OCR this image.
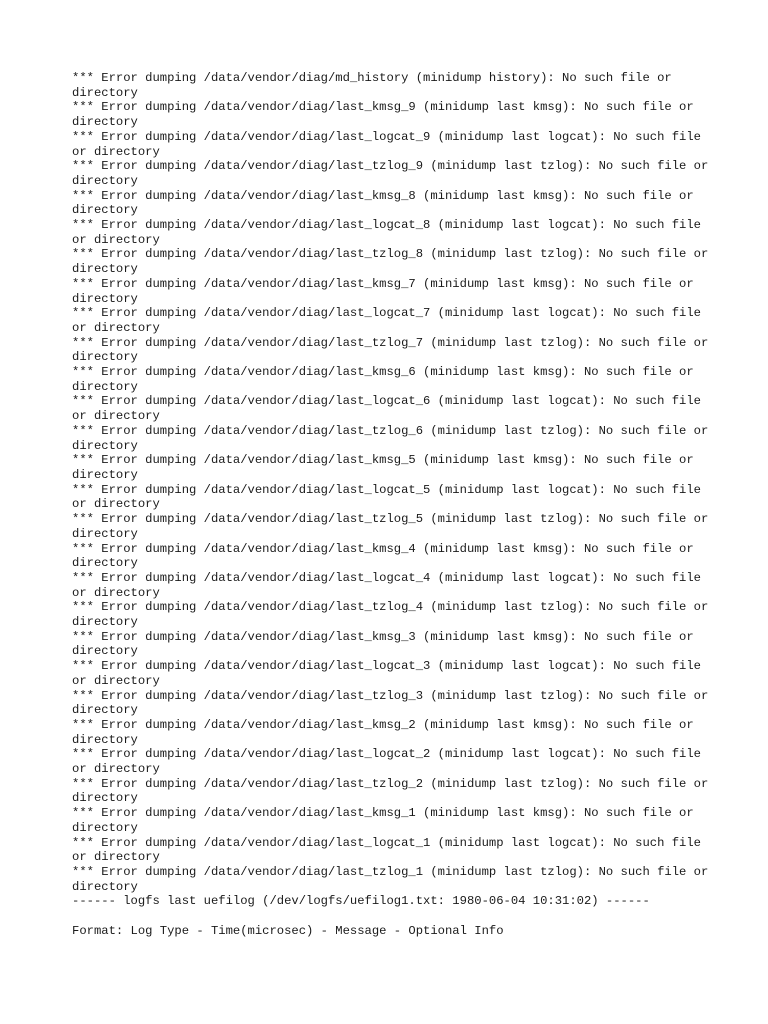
*** Error dumping /data/vendor/diag/md_history (minidump history): No such file or directory
*** Error dumping /data/vendor/diag/last_kmsg_9 (minidump last kmsg): No such file or directory
*** Error dumping /data/vendor/diag/last_logcat_9 (minidump last logcat): No such file or directory
*** Error dumping /data/vendor/diag/last_tzlog_9 (minidump last tzlog): No such file or directory
*** Error dumping /data/vendor/diag/last_kmsg_8 (minidump last kmsg): No such file or directory
*** Error dumping /data/vendor/diag/last_logcat_8 (minidump last logcat): No such file or directory
*** Error dumping /data/vendor/diag/last_tzlog_8 (minidump last tzlog): No such file or directory
*** Error dumping /data/vendor/diag/last_kmsg_7 (minidump last kmsg): No such file or directory
*** Error dumping /data/vendor/diag/last_logcat_7 (minidump last logcat): No such file or directory
*** Error dumping /data/vendor/diag/last_tzlog_7 (minidump last tzlog): No such file or directory
*** Error dumping /data/vendor/diag/last_kmsg_6 (minidump last kmsg): No such file or directory
*** Error dumping /data/vendor/diag/last_logcat_6 (minidump last logcat): No such file or directory
*** Error dumping /data/vendor/diag/last_tzlog_6 (minidump last tzlog): No such file or directory
*** Error dumping /data/vendor/diag/last_kmsg_5 (minidump last kmsg): No such file or directory
*** Error dumping /data/vendor/diag/last_logcat_5 (minidump last logcat): No such file or directory
*** Error dumping /data/vendor/diag/last_tzlog_5 (minidump last tzlog): No such file or directory
*** Error dumping /data/vendor/diag/last_kmsg_4 (minidump last kmsg): No such file or directory
*** Error dumping /data/vendor/diag/last_logcat_4 (minidump last logcat): No such file or directory
*** Error dumping /data/vendor/diag/last_tzlog_4 (minidump last tzlog): No such file or directory
*** Error dumping /data/vendor/diag/last_kmsg_3 (minidump last kmsg): No such file or directory
*** Error dumping /data/vendor/diag/last_logcat_3 (minidump last logcat): No such file or directory
*** Error dumping /data/vendor/diag/last_tzlog_3 (minidump last tzlog): No such file or directory
*** Error dumping /data/vendor/diag/last_kmsg_2 (minidump last kmsg): No such file or directory
*** Error dumping /data/vendor/diag/last_logcat_2 (minidump last logcat): No such file or directory
*** Error dumping /data/vendor/diag/last_tzlog_2 (minidump last tzlog): No such file or directory
*** Error dumping /data/vendor/diag/last_kmsg_1 (minidump last kmsg): No such file or directory
*** Error dumping /data/vendor/diag/last_logcat_1 (minidump last logcat): No such file or directory
*** Error dumping /data/vendor/diag/last_tzlog_1 (minidump last tzlog): No such file or directory
------ logfs last uefilog (/dev/logfs/uefilog1.txt: 1980-06-04 10:31:02) ------
Format: Log Type - Time(microsec) - Message - Optional Info
